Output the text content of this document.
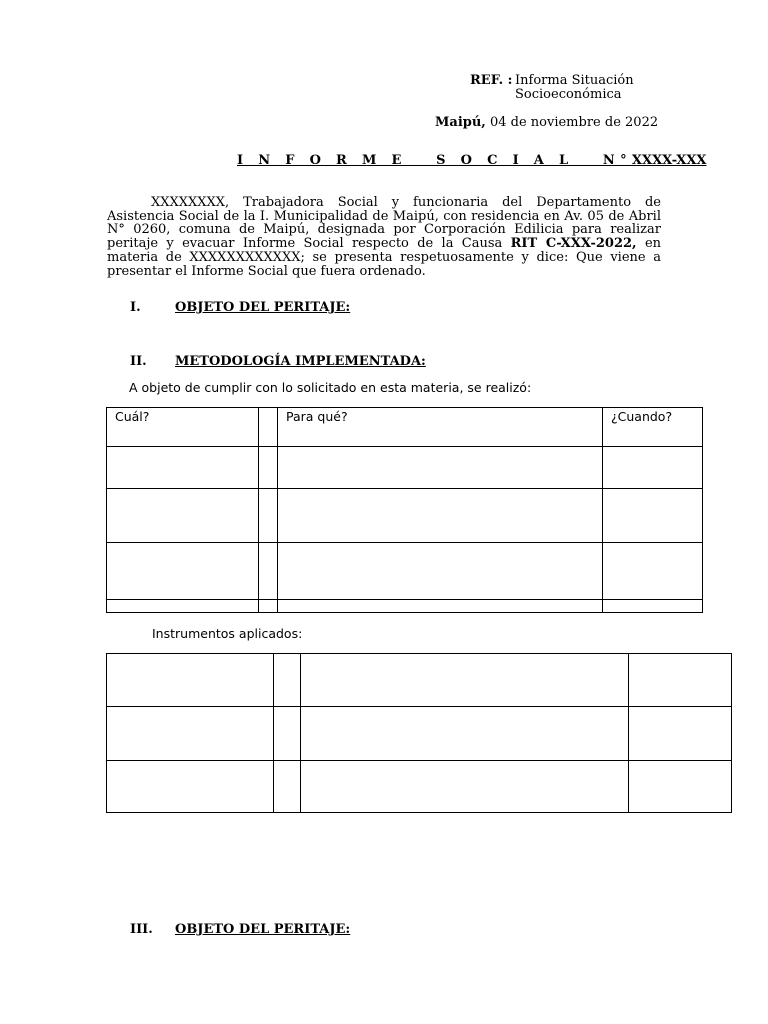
REF. : Informa Situación
Socioeconómica
Maipú, 04 de noviembre de 2022
I N F O R M E   S O C I A L   N°XXXX-XXX
XXXXXXXX, Trabajadora Social y funcionaria del Departamento de Asistencia Social de la I. Municipalidad de Maipú, con residencia en Av. 05 de Abril N° 0260, comuna de Maipú, designada por Corporación Edilicia para realizar peritaje y evacuar Informe Social respecto de la Causa RIT C-XXX-2022, en materia de XXXXXXXXXXXX; se presenta respetuosamente y dice: Que viene a presentar el Informe Social que fuera ordenado.
I.	OBJETO DEL PERITAJE:
II. METODOLOGÍA IMPLEMENTADA:
A objeto de cumplir con lo solicitado en esta materia, se realizó:
Cuál?		Para qué?	¿Cuando?

Instrumentos aplicados:

III. OBJETO DEL PERITAJE:
